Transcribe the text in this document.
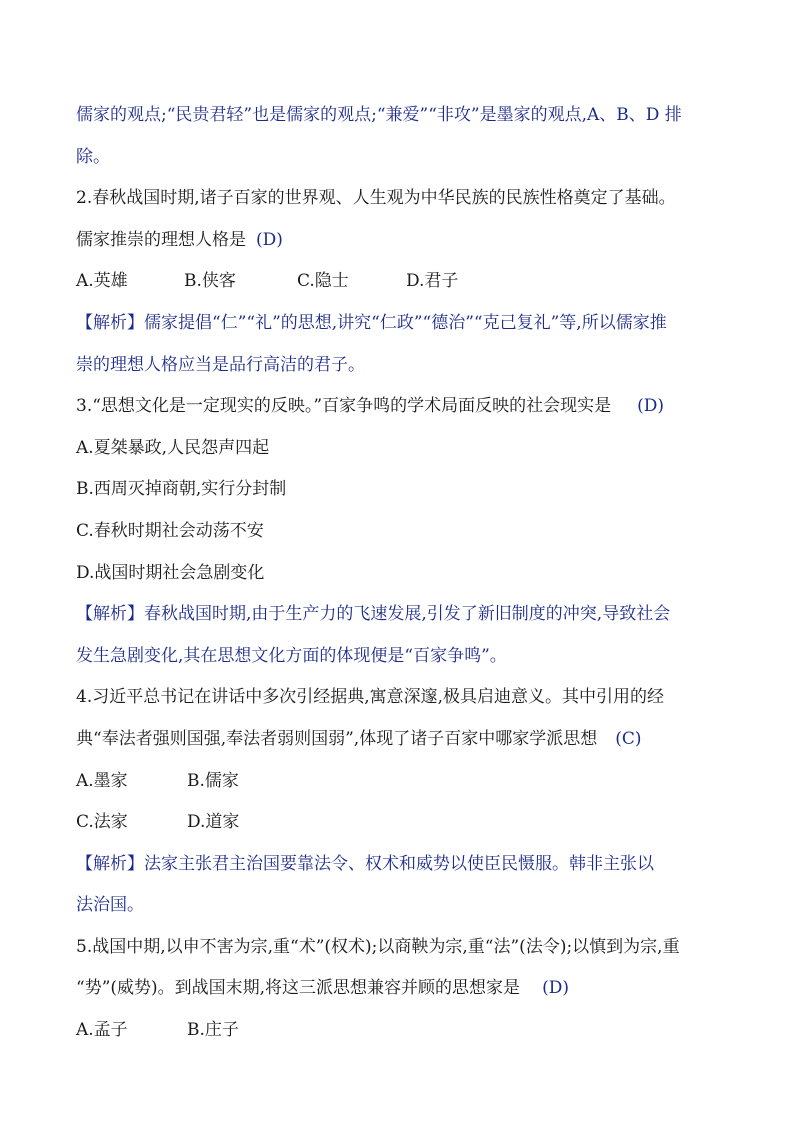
儒家的观点;“民贵君轻”也是儒家的观点;“兼爱”“非攻”是墨家的观点,A、B、D 排
除。
2.春秋战国时期,诸子百家的世界观、人生观为中华民族的民族性格奠定了基础。
儒家推崇的理想人格是 (D)
A.英雄	B.侠客	C.隐士	D.君子
【解析】儒家提倡“仁”“礼”的思想,讲究“仁政”“德治”“克己复礼”等,所以儒家推
崇的理想人格应当是品行高洁的君子。
3.“思想文化是一定现实的反映。”百家争鸣的学术局面反映的社会现实是 (D)
A.夏桀暴政,人民怨声四起
B.西周灭掉商朝,实行分封制
C.春秋时期社会动荡不安
D.战国时期社会急剧变化
【解析】春秋战国时期,由于生产力的飞速发展,引发了新旧制度的冲突,导致社会
发生急剧变化,其在思想文化方面的体现便是“百家争鸣”。
4.习近平总书记在讲话中多次引经据典,寓意深邃,极具启迪意义。其中引用的经
典“奉法者强则国强,奉法者弱则国弱”,体现了诸子百家中哪家学派思想 (C)
A.墨家	B.儒家
C.法家	D.道家
【解析】法家主张君主治国要靠法令、权术和威势以使臣民慑服。韩非主张以
法治国。
5.战国中期,以申不害为宗,重“术”(权术);以商鞅为宗,重“法”(法令);以慎到为宗,重
“势”(威势)。到战国末期,将这三派思想兼容并顾的思想家是 (D)
A.孟子	B.庄子
